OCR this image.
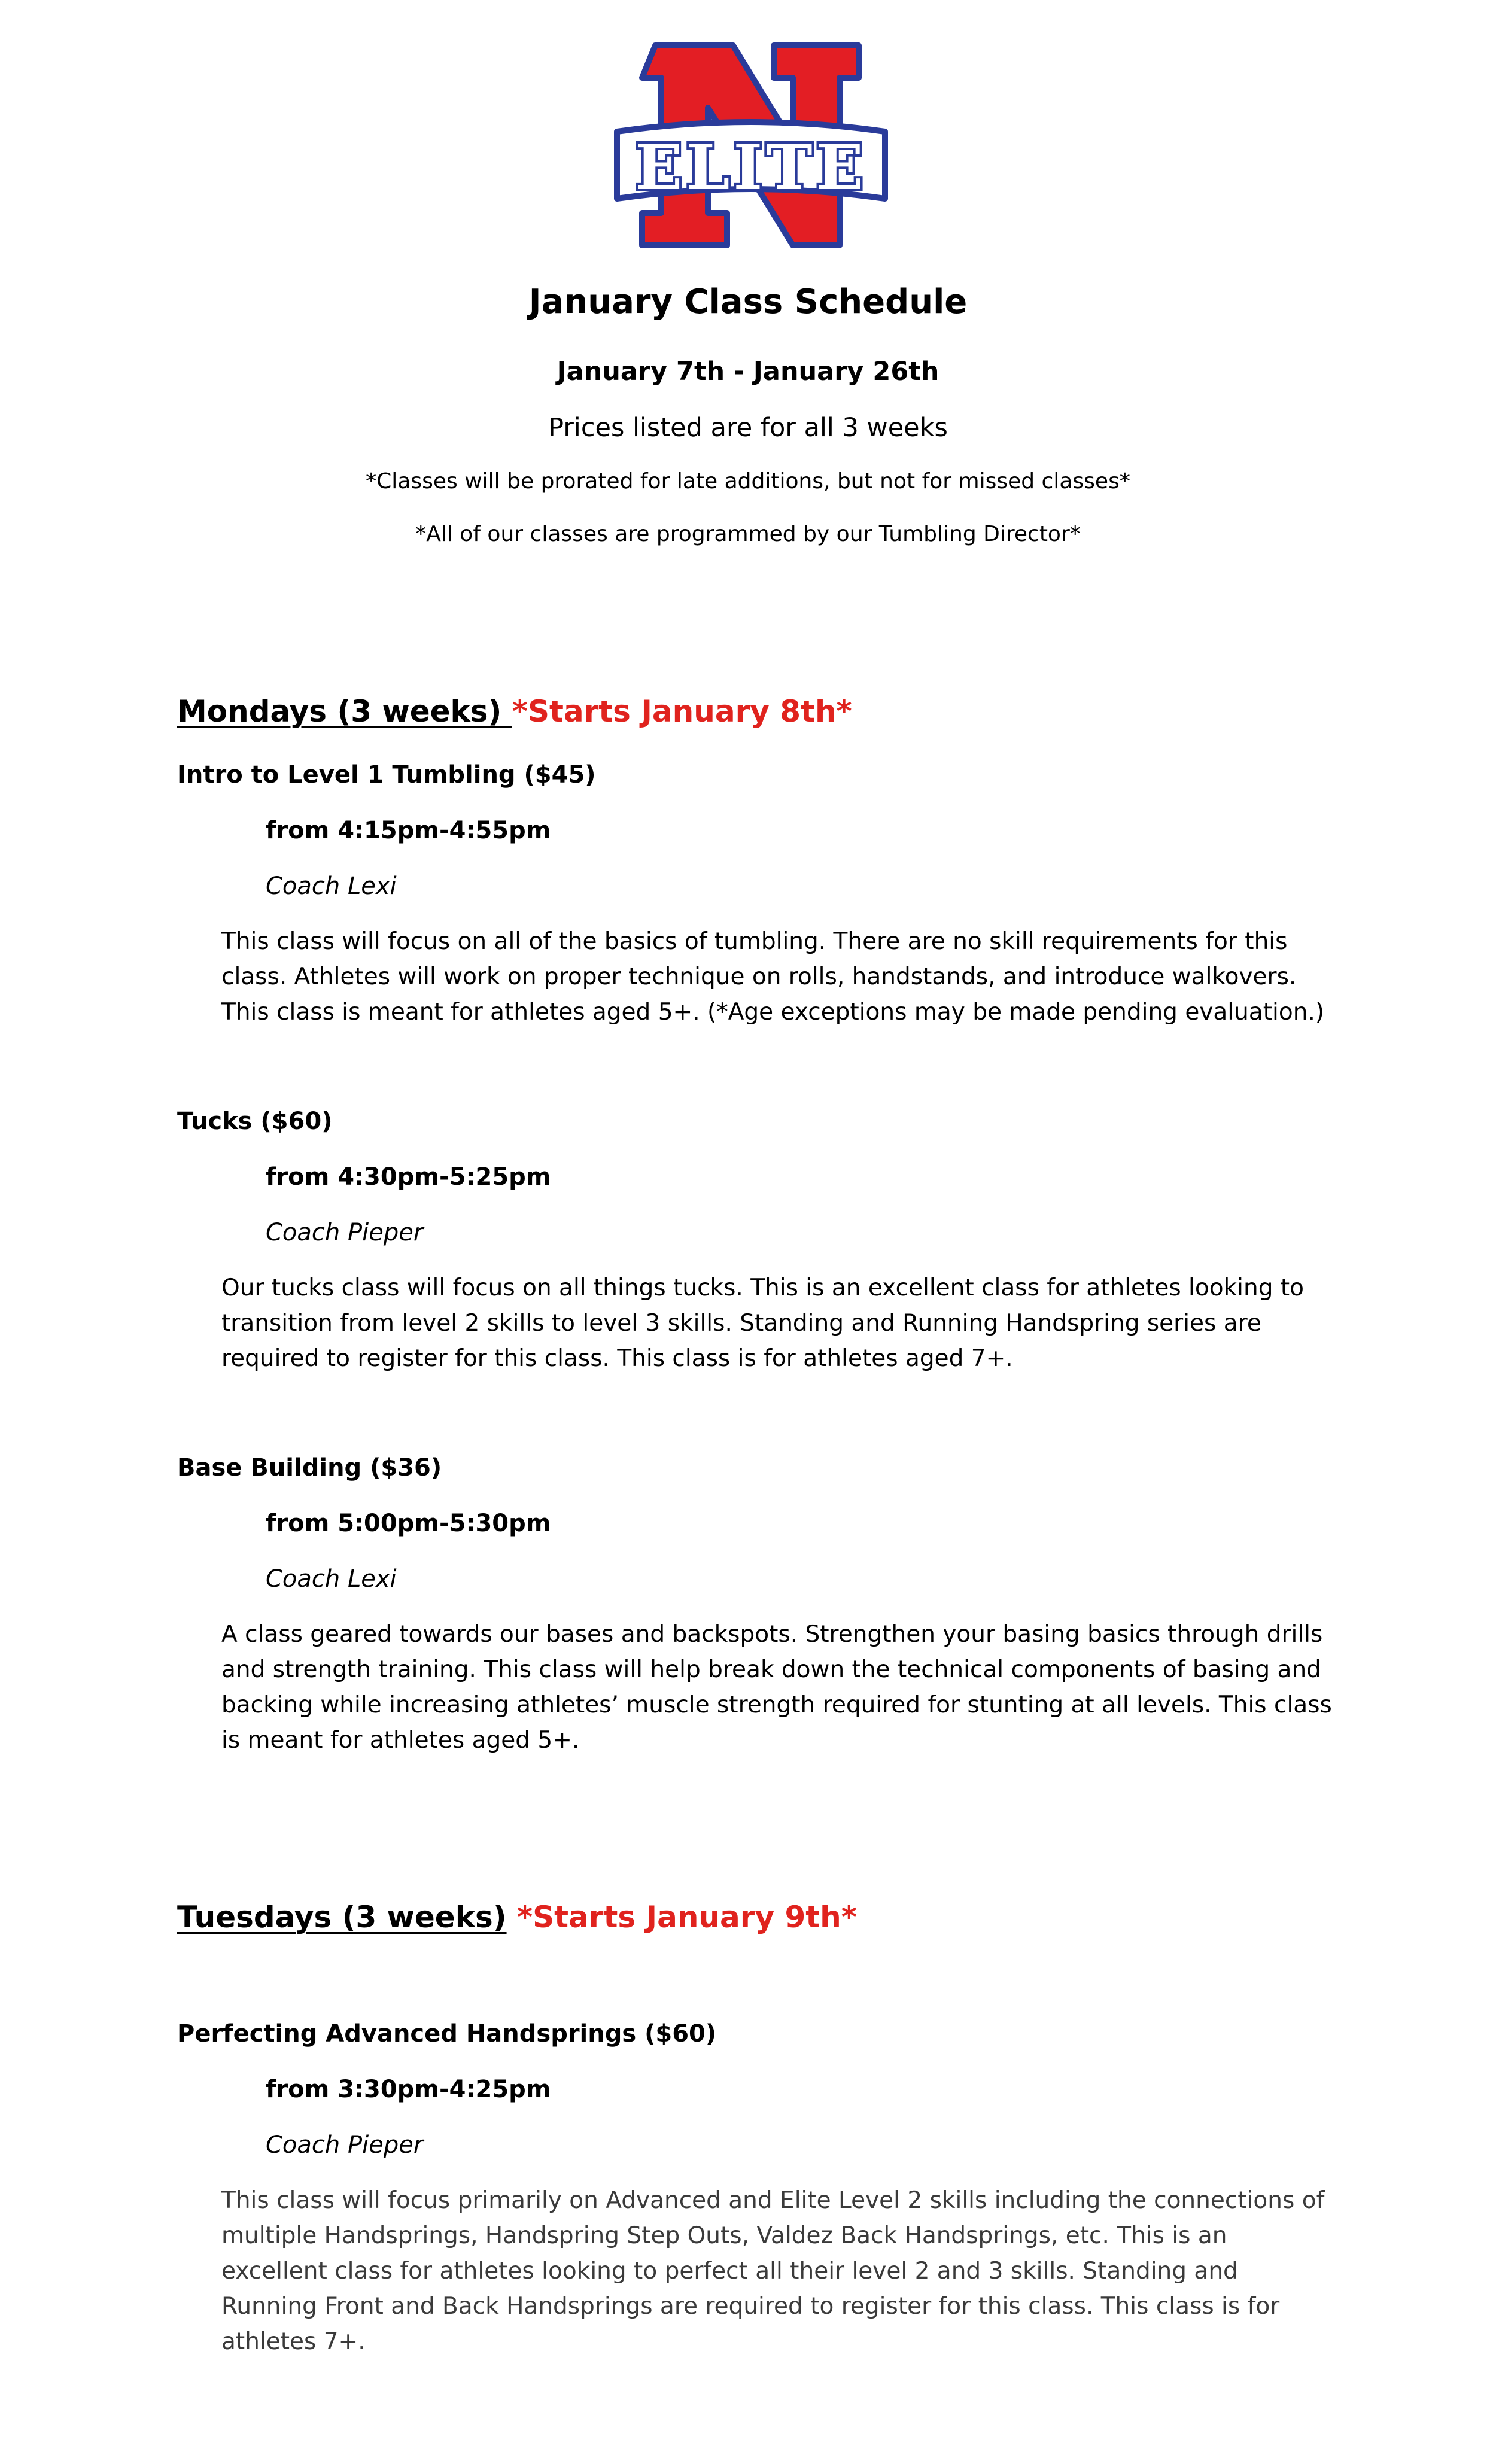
ELITE
January Class Schedule
January 7th - January 26th
Prices listed are for all 3 weeks
*Classes will be prorated for late additions, but not for missed classes*
*All of our classes are programmed by our Tumbling Director*
Mondays (3 weeks) *Starts January 8th*
Intro to Level 1 Tumbling ($45)
from 4:15pm-4:55pm
Coach Lexi
This class will focus on all of the basics of tumbling. There are no skill requirements for this class. Athletes will work on proper technique on rolls, handstands, and introduce walkovers. This class is meant for athletes aged 5+. (*Age exceptions may be made pending evaluation.)
Tucks ($60)
from 4:30pm-5:25pm
Coach Pieper
Our tucks class will focus on all things tucks. This is an excellent class for athletes looking to transition from level 2 skills to level 3 skills. Standing and Running Handspring series are required to register for this class. This class is for athletes aged 7+.
Base Building ($36)
from 5:00pm-5:30pm
Coach Lexi
A class geared towards our bases and backspots. Strengthen your basing basics through drills and strength training. This class will help break down the technical components of basing and backing while increasing athletes’ muscle strength required for stunting at all levels. This class is meant for athletes aged 5+.
Tuesdays (3 weeks) *Starts January 9th*
Perfecting Advanced Handsprings ($60)
from 3:30pm-4:25pm
Coach Pieper
This class will focus primarily on Advanced and Elite Level 2 skills including the connections of multiple Handsprings, Handspring Step Outs, Valdez Back Handsprings, etc. This is an excellent class for athletes looking to perfect all their level 2 and 3 skills. Standing and Running Front and Back Handsprings are required to register for this class. This class is for athletes 7+.
